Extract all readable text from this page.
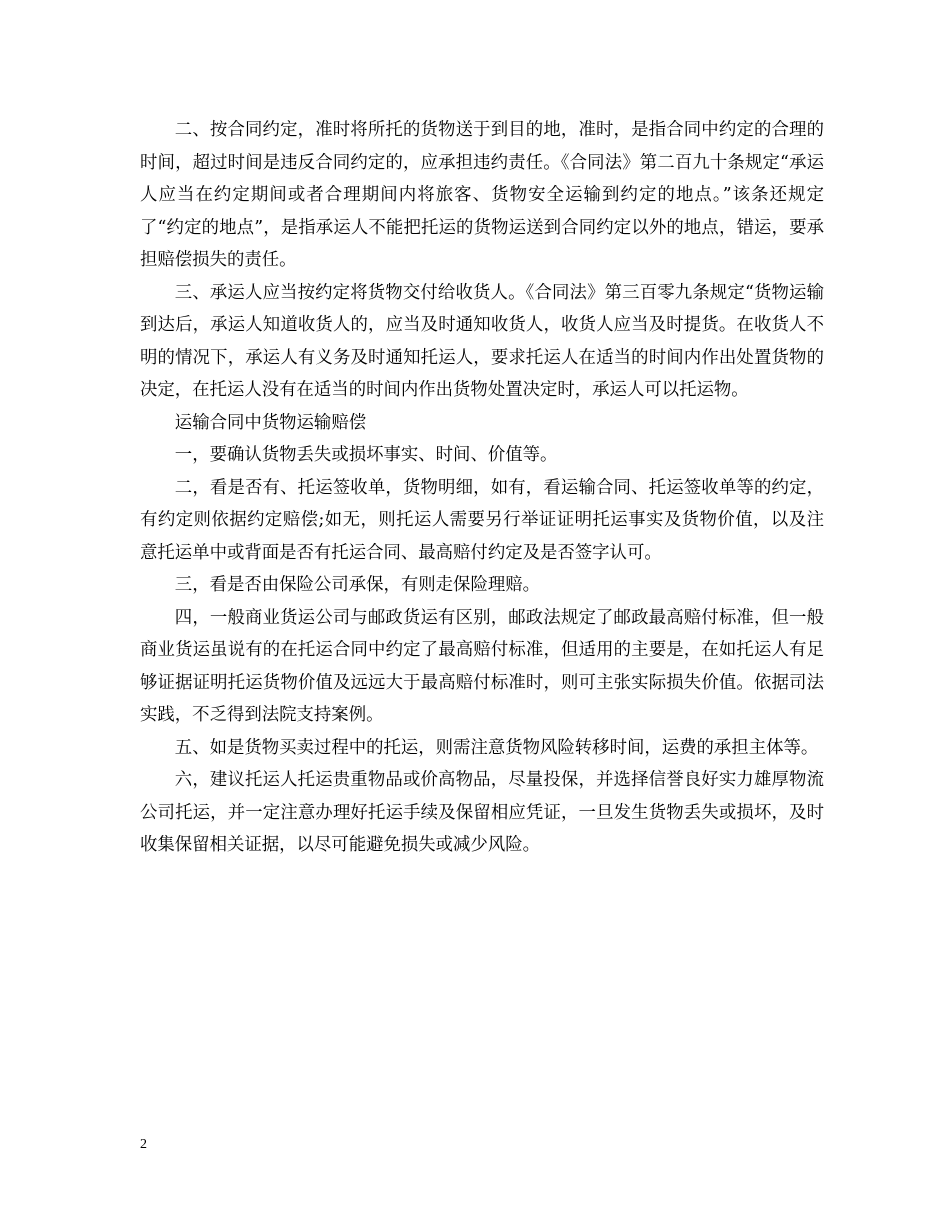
二、按合同约定，准时将所托的货物送于到目的地，准时，是指合同中约定的合理的时间，超过时间是违反合同约定的，应承担违约责任。《合同法》第二百九十条规定“承运人应当在约定期间或者合理期间内将旅客、货物安全运输到约定的地点。”该条还规定了“约定的地点”，是指承运人不能把托运的货物运送到合同约定以外的地点，错运，要承担赔偿损失的责任。

三、承运人应当按约定将货物交付给收货人。《合同法》第三百零九条规定“货物运输到达后，承运人知道收货人的，应当及时通知收货人，收货人应当及时提货。在收货人不明的情况下，承运人有义务及时通知托运人，要求托运人在适当的时间内作出处置货物的决定，在托运人没有在适当的时间内作出货物处置决定时，承运人可以托运物。

运输合同中货物运输赔偿

一，要确认货物丢失或损坏事实、时间、价值等。

二，看是否有、托运签收单，货物明细，如有，看运输合同、托运签收单等的约定，有约定则依据约定赔偿;如无，则托运人需要另行举证证明托运事实及货物价值，以及注意托运单中或背面是否有托运合同、最高赔付约定及是否签字认可。

三，看是否由保险公司承保，有则走保险理赔。

四，一般商业货运公司与邮政货运有区别，邮政法规定了邮政最高赔付标准，但一般商业货运虽说有的在托运合同中约定了最高赔付标准，但适用的主要是，在如托运人有足够证据证明托运货物价值及远远大于最高赔付标准时，则可主张实际损失价值。依据司法实践，不乏得到法院支持案例。

五、如是货物买卖过程中的托运，则需注意货物风险转移时间，运费的承担主体等。

六，建议托运人托运贵重物品或价高物品，尽量投保，并选择信誉良好实力雄厚物流公司托运，并一定注意办理好托运手续及保留相应凭证，一旦发生货物丢失或损坏，及时收集保留相关证据，以尽可能避免损失或减少风险。

2
